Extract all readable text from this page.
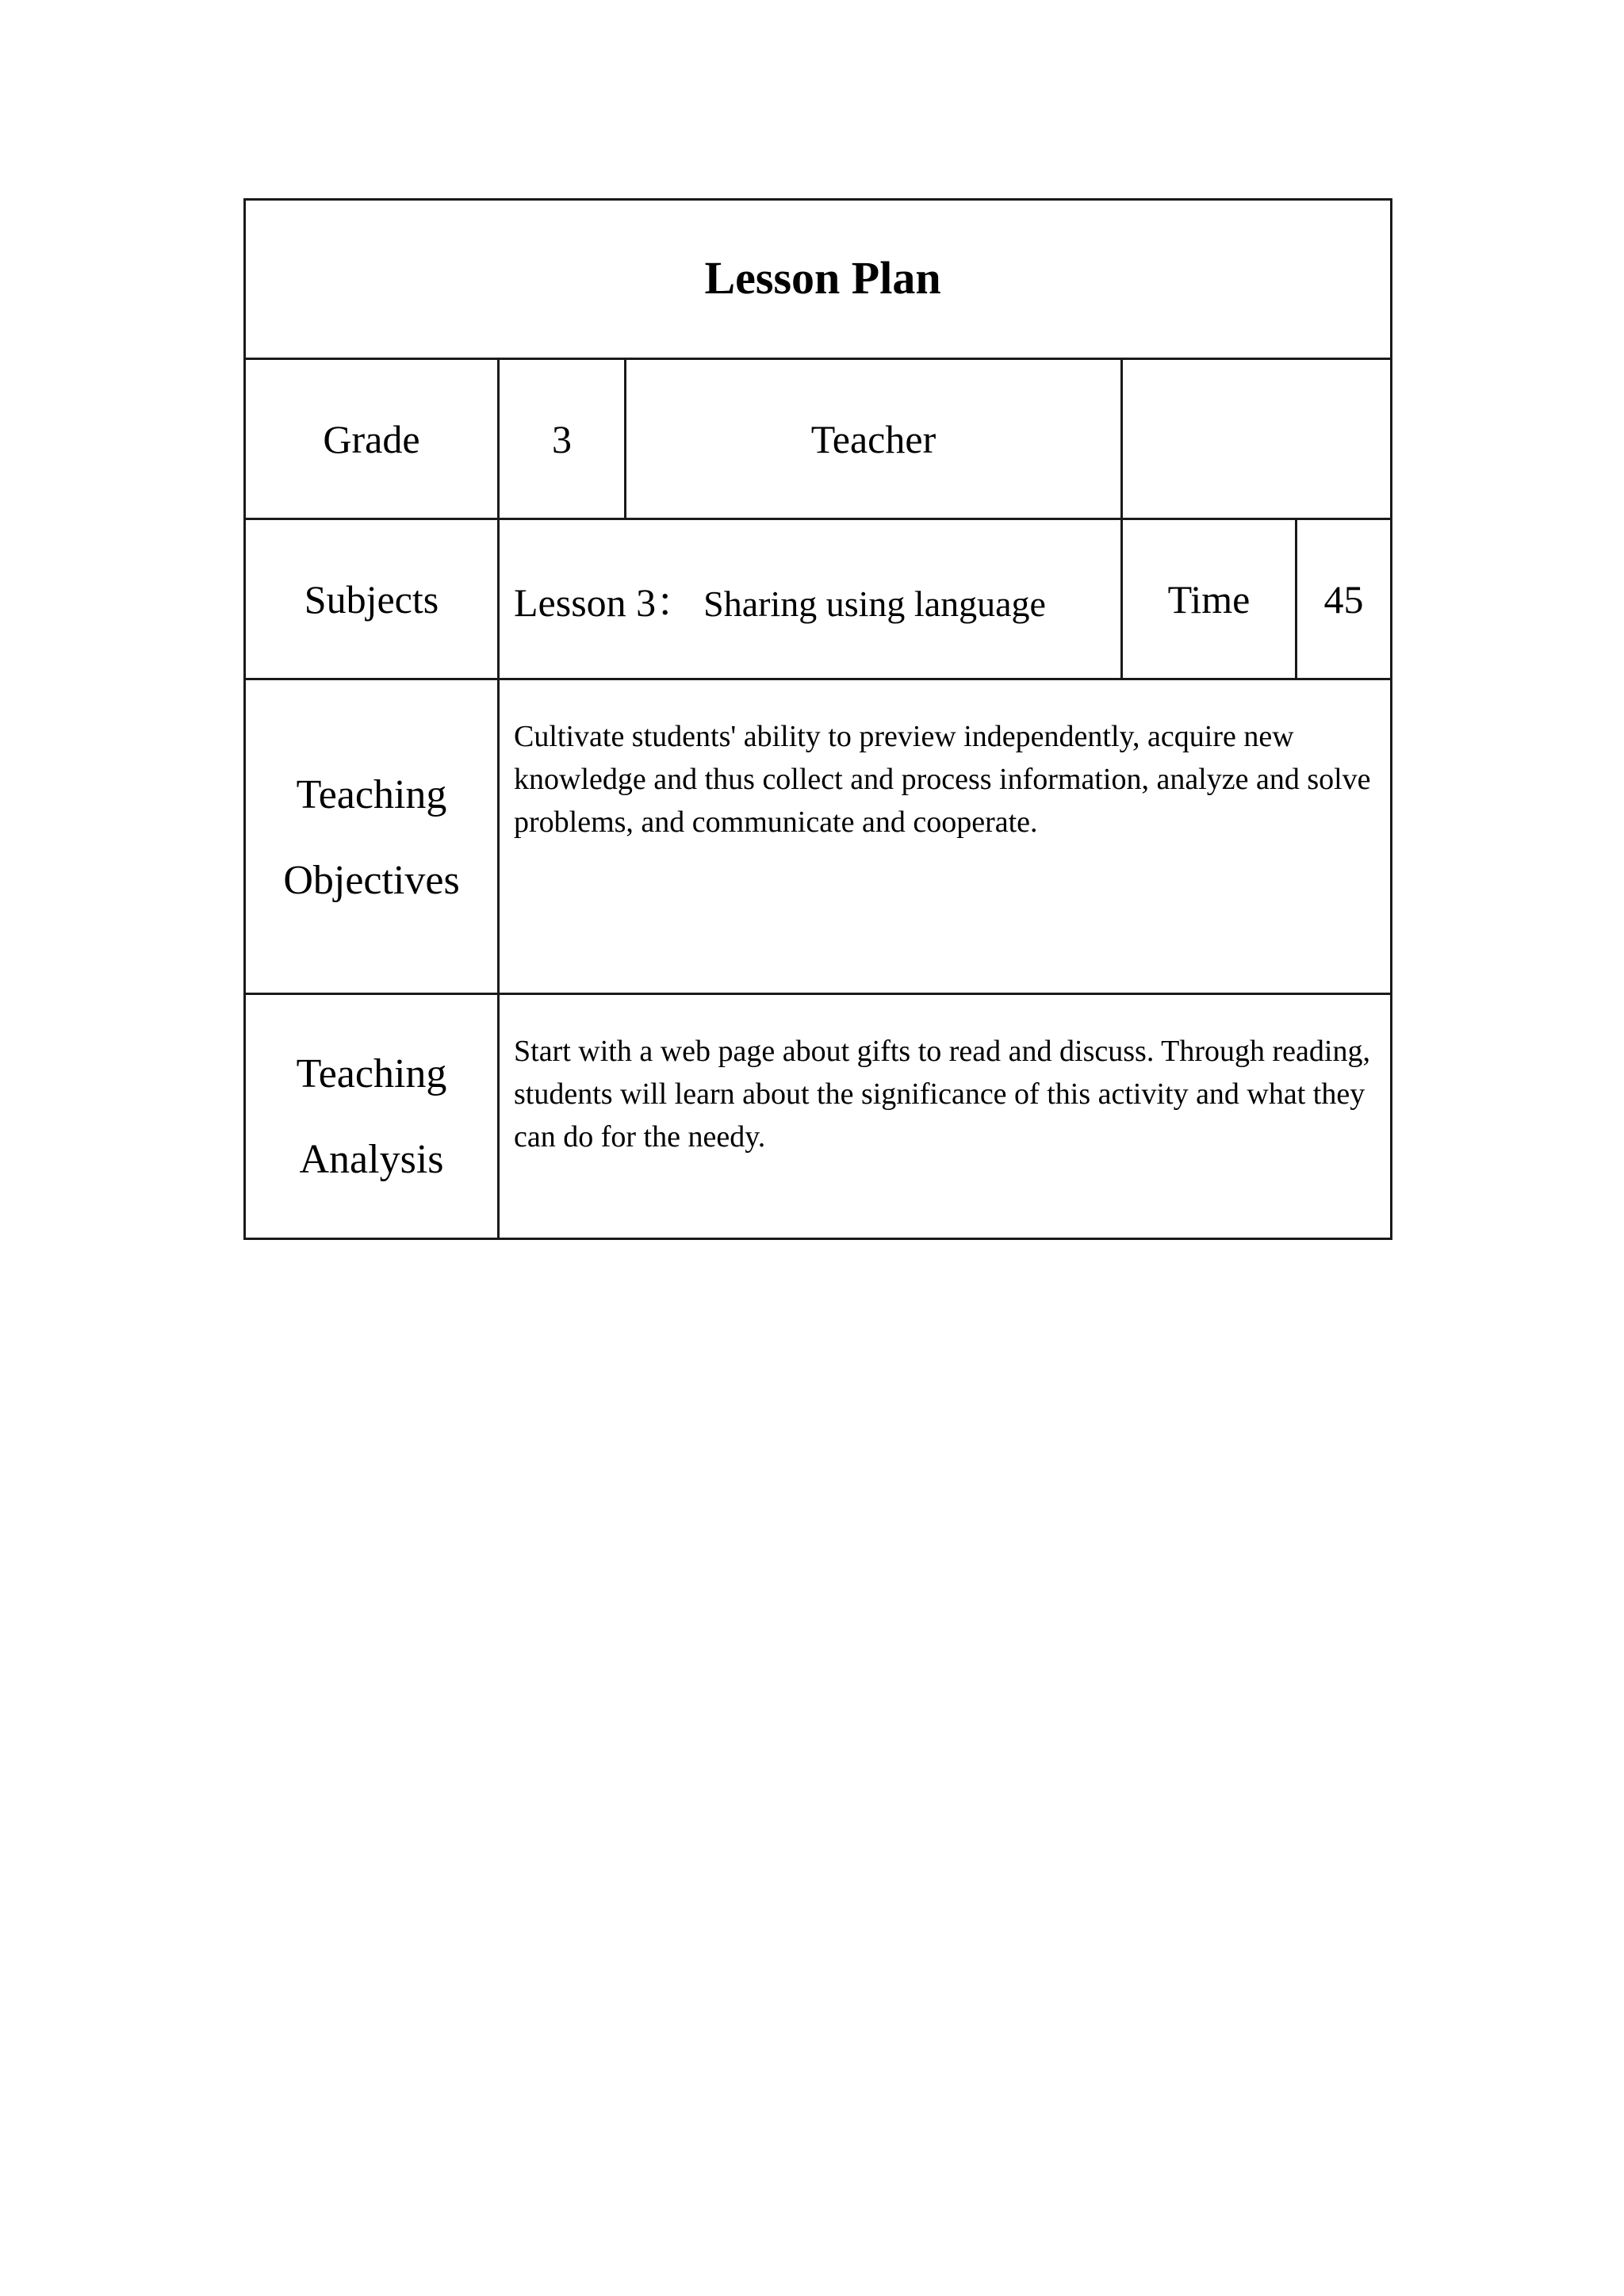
Lesson Plan				
Grade	3	Teacher		
Subjects	Lesson 3： Sharing using language		Time	45

Teaching
Objectives	Cultivate students' ability to preview independently, acquire new knowledge and thus collect and process information, analyze and solve problems, and communicate and cooperate.			

Teaching
Analysis	Start with a web page about gifts to read and discuss. Through reading, students will learn about the significance of this activity and what they can do for the needy.			
